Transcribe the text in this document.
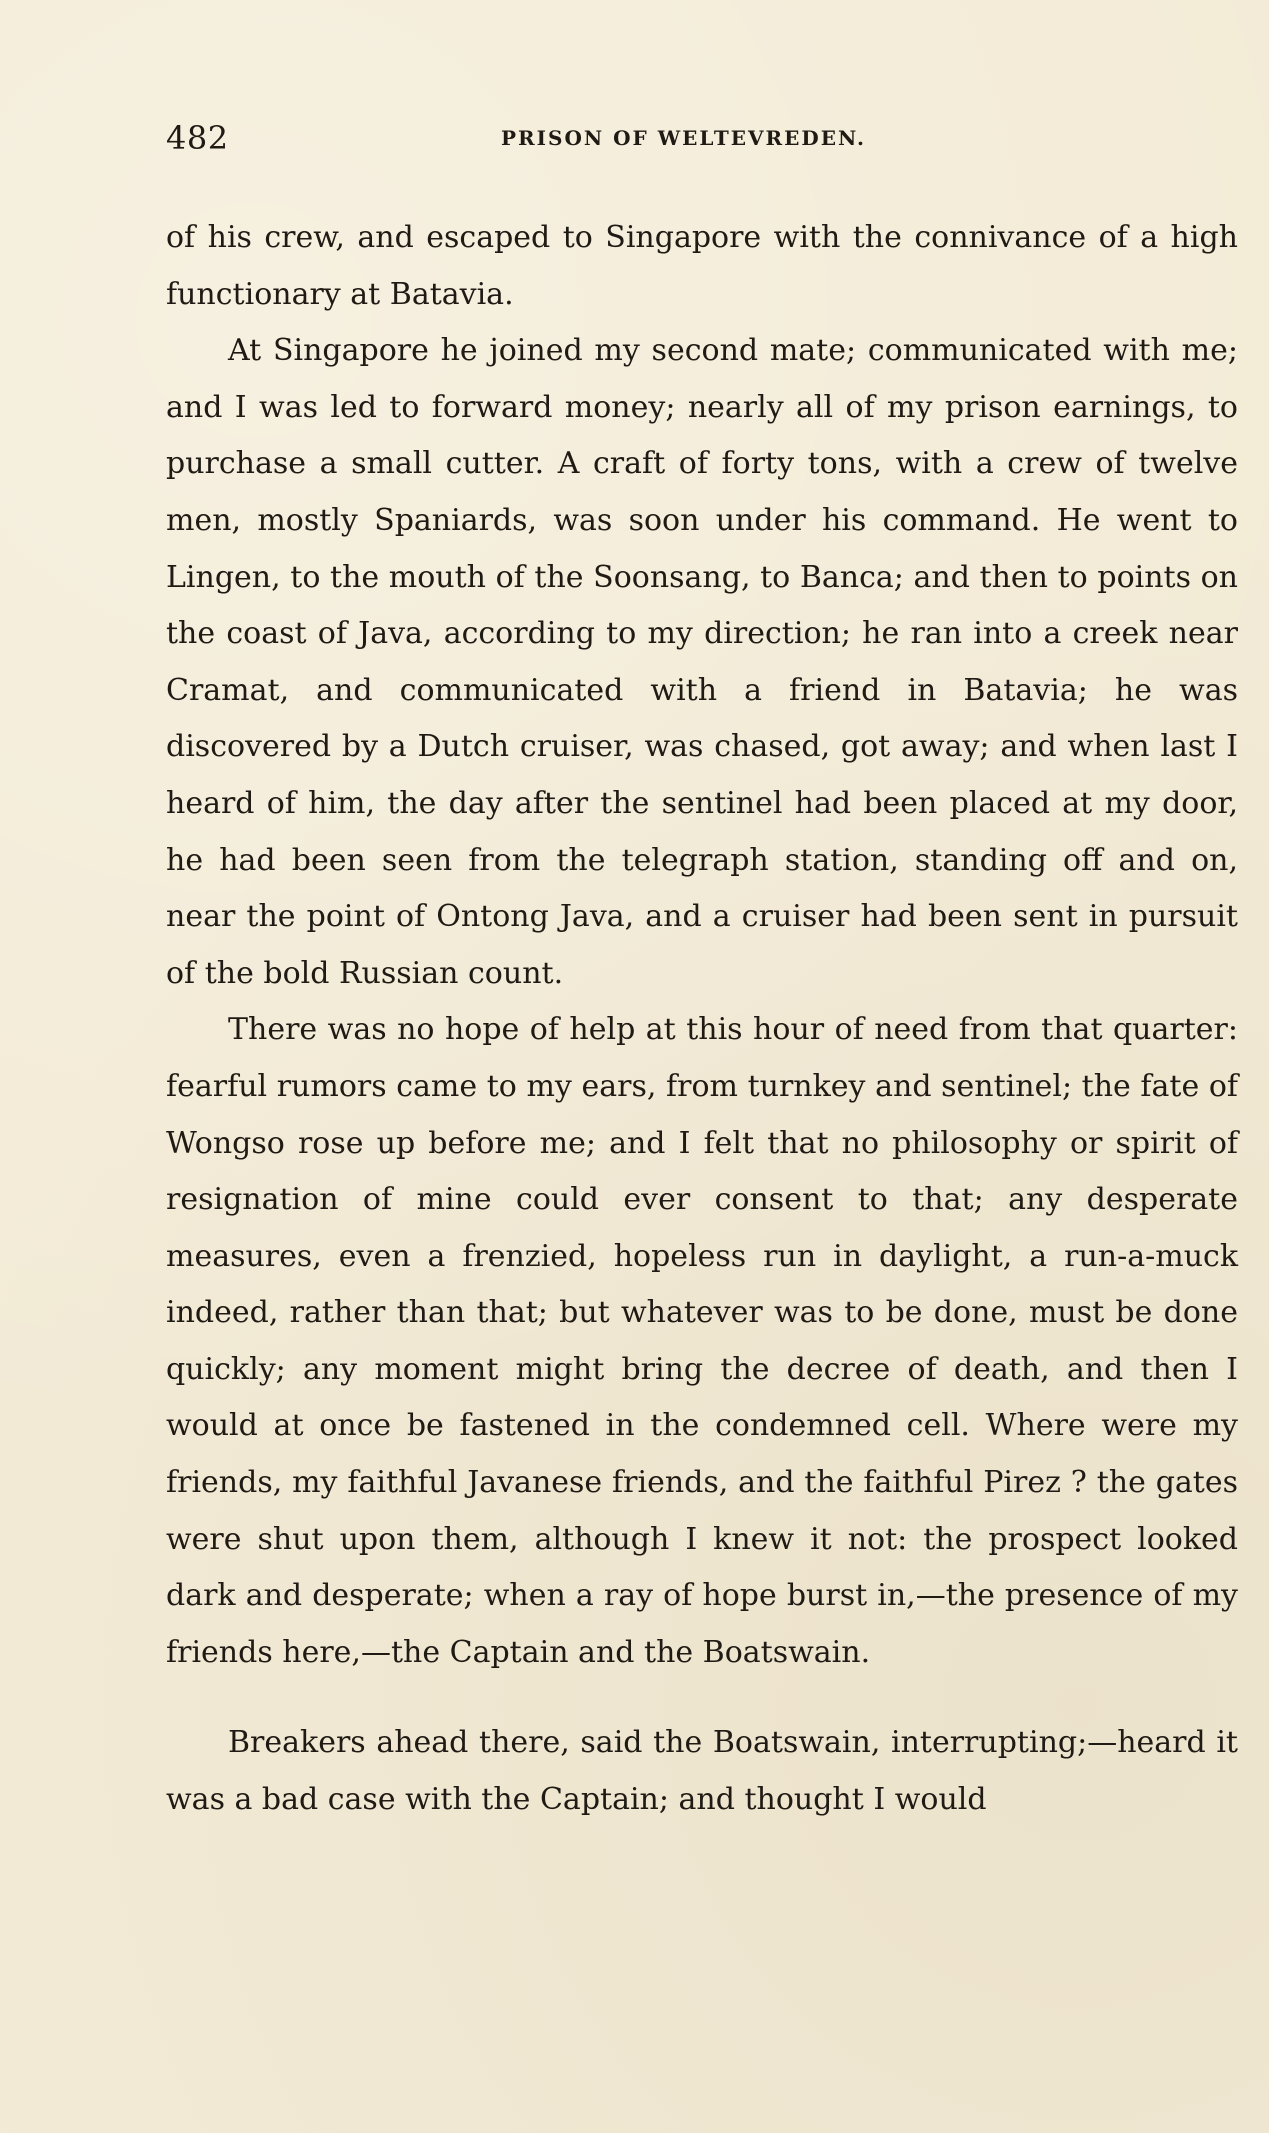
482	PRISON OF WELTEVREDEN.

of his crew, and escaped to Singapore with the connivance of a high functionary at Batavia.

At Singapore he joined my second mate; communicated with me; and I was led to forward money; nearly all of my prison earnings, to purchase a small cutter. A craft of forty tons, with a crew of twelve men, mostly Spaniards, was soon under his command. He went to Lingen, to the mouth of the Soonsang, to Banca; and then to points on the coast of Java, according to my direction; he ran into a creek near Cramat, and communicated with a friend in Batavia; he was discovered by a Dutch cruiser, was chased, got away; and when last I heard of him, the day after the sentinel had been placed at my door, he had been seen from the telegraph station, standing off and on, near the point of Ontong Java, and a cruiser had been sent in pursuit of the bold Russian count.

There was no hope of help at this hour of need from that quarter: fearful rumors came to my ears, from turnkey and sentinel; the fate of Wongso rose up before me; and I felt that no philosophy or spirit of resignation of mine could ever consent to that; any desperate measures, even a frenzied, hopeless run in daylight, a run-a-muck indeed, rather than that; but whatever was to be done, must be done quickly; any moment might bring the decree of death, and then I would at once be fastened in the condemned cell. Where were my friends, my faithful Javanese friends, and the faithful Pirez ? the gates were shut upon them, although I knew it not: the prospect looked dark and desperate; when a ray of hope burst in,—the presence of my friends here,—the Captain and the Boatswain.

Breakers ahead there, said the Boatswain, interrupting;—heard it was a bad case with the Captain; and thought I would
